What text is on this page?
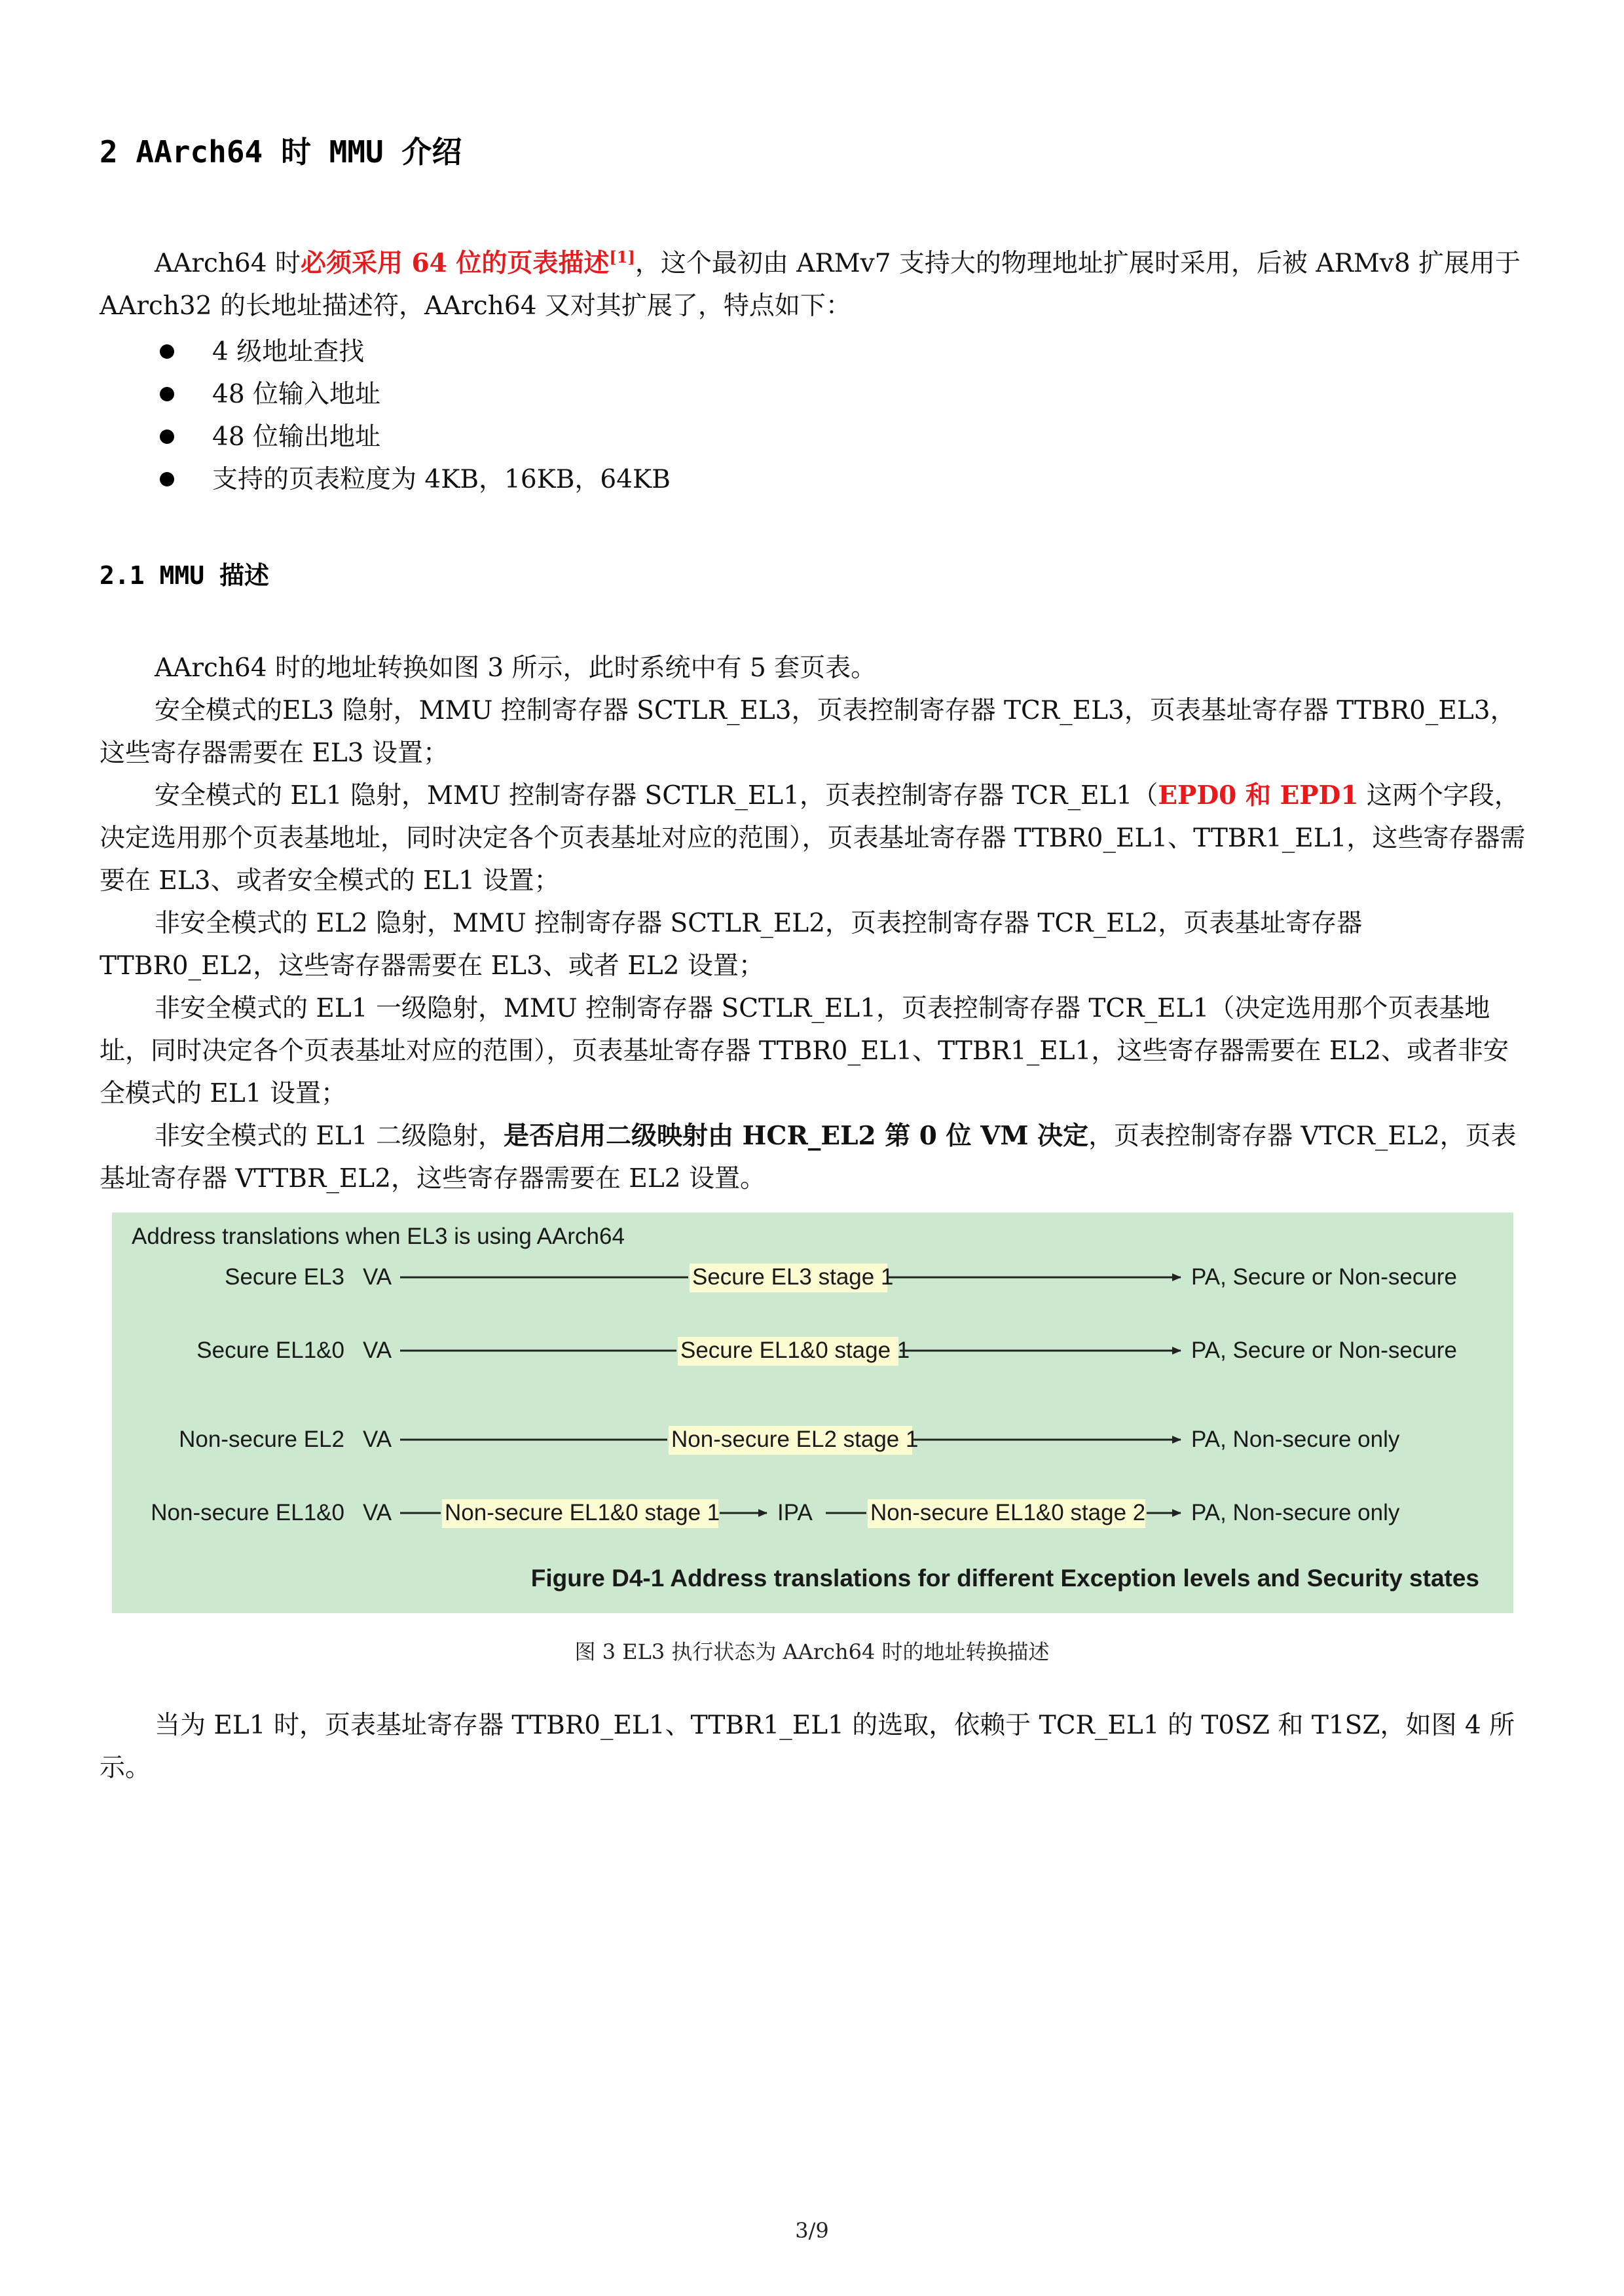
2 AArch64 时 MMU 介绍

AArch64 时必须采用 64 位的页表描述[1]，这个最初由 ARMv7 支持大的物理地址扩展时采用，后被 ARMv8 扩展用于 AArch32 的长地址描述符，AArch64 又对其扩展了，特点如下：

4 级地址查找
48 位输入地址
48 位输出地址
支持的页表粒度为 4KB，16KB，64KB
2.1 MMU 描述

AArch64 时的地址转换如图 3 所示，此时系统中有 5 套页表。

安全模式的EL3 隐射，MMU 控制寄存器 SCTLR_EL3，页表控制寄存器 TCR_EL3，页表基址寄存器 TTBR0_EL3，这些寄存器需要在 EL3 设置；

安全模式的 EL1 隐射，MMU 控制寄存器 SCTLR_EL1，页表控制寄存器 TCR_EL1（EPD0 和 EPD1 这两个字段，决定选用那个页表基地址，同时决定各个页表基址对应的范围），页表基址寄存器 TTBR0_EL1、TTBR1_EL1，这些寄存器需要在 EL3、或者安全模式的 EL1 设置；

非安全模式的 EL2 隐射，MMU 控制寄存器 SCTLR_EL2，页表控制寄存器 TCR_EL2，页表基址寄存器 TTBR0_EL2，这些寄存器需要在 EL3、或者 EL2 设置；

非安全模式的 EL1 一级隐射，MMU 控制寄存器 SCTLR_EL1，页表控制寄存器 TCR_EL1（决定选用那个页表基地址，同时决定各个页表基址对应的范围），页表基址寄存器 TTBR0_EL1、TTBR1_EL1，这些寄存器需要在 EL2、或者非安全模式的 EL1 设置；

非安全模式的 EL1 二级隐射，是否启用二级映射由 HCR_EL2 第 0 位 VM 决定，页表控制寄存器 VTCR_EL2，页表基址寄存器 VTTBR_EL2，这些寄存器需要在 EL2 设置。

Address translations when EL3 is using AArch64
Secure EL3 VA	Secure EL3 stage 1	PA, Secure or Non-secure
Secure EL1&0 VA	Secure EL1&0 stage 1	PA, Secure or Non-secure
Non-secure EL2 VA	Non-secure EL2 stage 1	PA, Non-secure only
Non-secure EL1&0 VA Non-secure EL1&0 stage 1	IPA	Non-secure EL1&0 stage 2 PA, Non-secure only
Figure D4-1 Address translations for different Exception levels and Security states
图 3 EL3 执行状态为 AArch64 时的地址转换描述

当为 EL1 时，页表基址寄存器 TTBR0_EL1、TTBR1_EL1 的选取，依赖于 TCR_EL1 的 T0SZ 和 T1SZ，如图 4 所示。

3/9
